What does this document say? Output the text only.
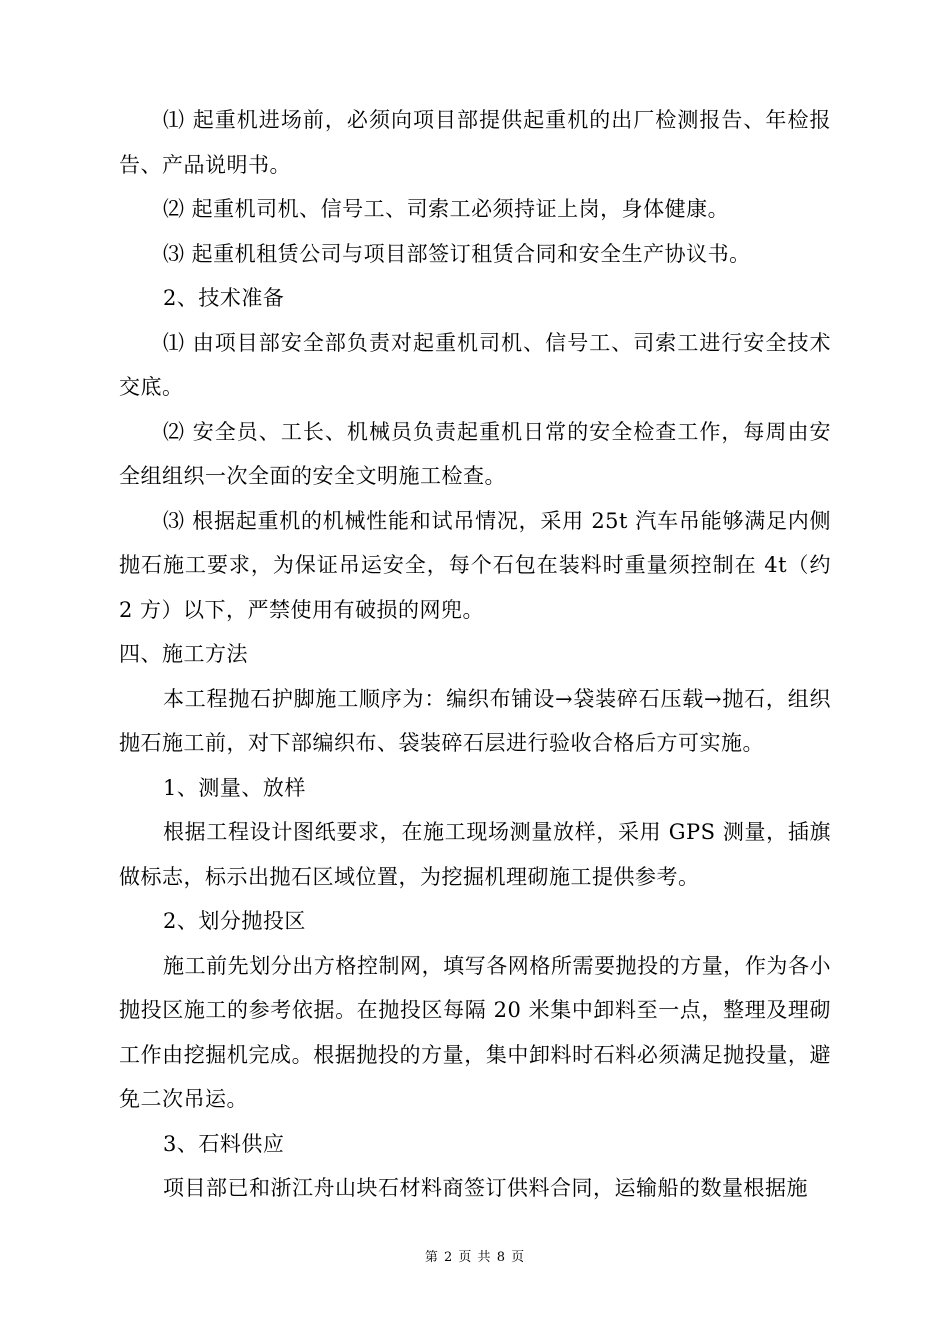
⑴ 起重机进场前，必须向项目部提供起重机的出厂检测报告、年检报告、产品说明书。

⑵ 起重机司机、信号工、司索工必须持证上岗，身体健康。

⑶ 起重机租赁公司与项目部签订租赁合同和安全生产协议书。

2、技术准备

⑴ 由项目部安全部负责对起重机司机、信号工、司索工进行安全技术交底。

⑵ 安全员、工长、机械员负责起重机日常的安全检查工作，每周由安全组组织一次全面的安全文明施工检查。

⑶ 根据起重机的机械性能和试吊情况，采用 25t 汽车吊能够满足内侧抛石施工要求，为保证吊运安全，每个石包在装料时重量须控制在 4t（约 2 方）以下，严禁使用有破损的网兜。

四、施工方法

本工程抛石护脚施工顺序为：编织布铺设→袋装碎石压载→抛石，组织抛石施工前，对下部编织布、袋装碎石层进行验收合格后方可实施。

1、测量、放样

根据工程设计图纸要求，在施工现场测量放样，采用 GPS 测量，插旗做标志，标示出抛石区域位置，为挖掘机理砌施工提供参考。

2、划分抛投区

施工前先划分出方格控制网，填写各网格所需要抛投的方量，作为各小抛投区施工的参考依据。在抛投区每隔 20 米集中卸料至一点，整理及理砌工作由挖掘机完成。根据抛投的方量，集中卸料时石料必须满足抛投量，避免二次吊运。

3、石料供应

项目部已和浙江舟山块石材料商签订供料合同，运输船的数量根据施

第 2 页 共 8 页
